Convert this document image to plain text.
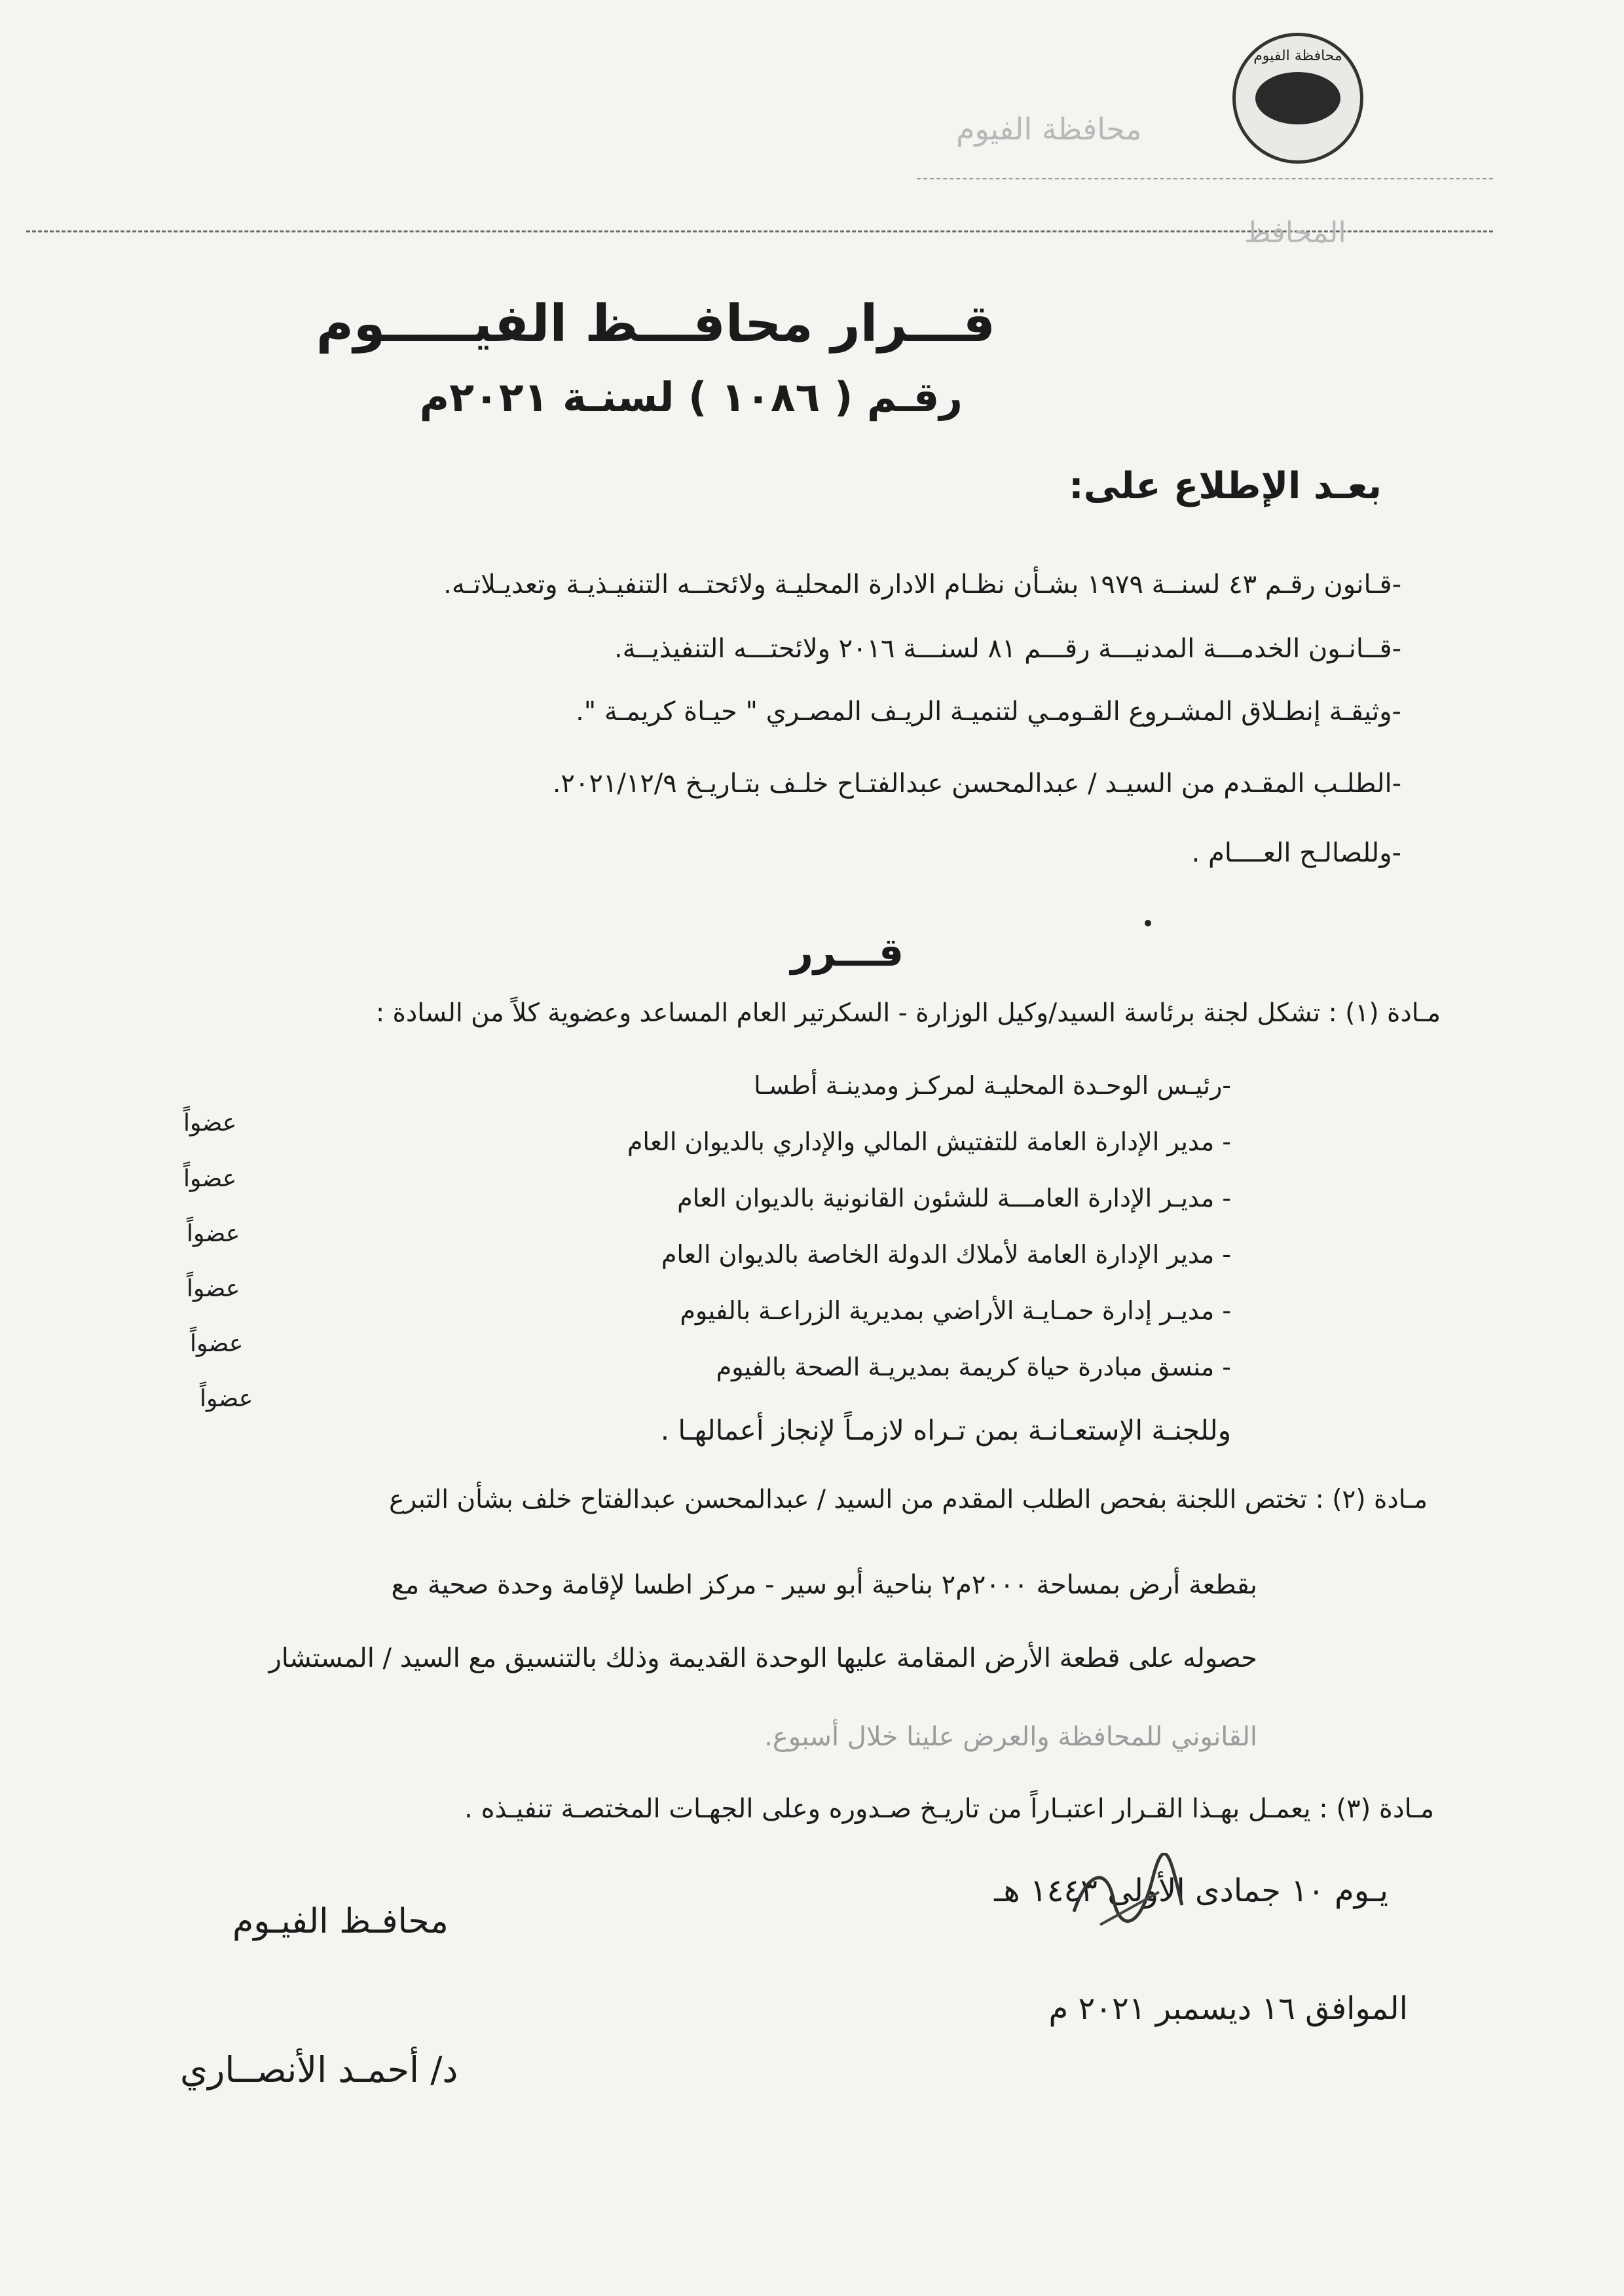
محافظة الفيوم
محافظة الفيوم
المحافظ
قـــرار محافـــظ الفيـــــوم
رقـم ( ١٠٨٦ ) لسنـة ٢٠٢١م
بعـد الإطلاع على:
-قـانون رقـم ٤٣ لسنــة ١٩٧٩ بشـأن نظـام الادارة المحليـة ولائحتــه التنفيـذيـة وتعديـلاتـه.
-قــانـون الخدمـــة المدنيـــة رقـــم ٨١ لسنـــة ٢٠١٦ ولائحتـــه التنفيذيــة.
-وثيقـة إنطـلاق المشـروع القـومـي لتنميـة الريـف المصـري " حيـاة كريمـة ".
-الطلـب المقـدم من السيـد / عبدالمحسن عبدالفتـاح خلـف بتـاريـخ ٢٠٢١/١٢/٩.
-وللصالـح العــــام .
قـــرر
مـادة (١) : تشكل لجنة برئاسة السيد/وكيل الوزارة - السكرتير العام المساعد وعضوية كلاً من السادة :
-رئيـس الوحـدة المحليـة لمركـز ومدينـة أطسـا
- مدير الإدارة العامة للتفتيش المالي والإداري بالديوان العام
- مديـر الإدارة العامـــة للشئون القانونية بالديوان العام
- مدير الإدارة العامة لأملاك الدولة الخاصة بالديوان العام
- مديـر إدارة حمـايـة الأراضي بمديرية الزراعـة بالفيوم
- منسق مبادرة حياة كريمة بمديريـة الصحة بالفيوم
عضواً
عضواً
عضواً
عضواً
عضواً
عضواً
وللجنـة الإستعـانـة بمن تـراه لازمـاً لإنجاز أعمالهـا .
مـادة (٢) : تختص اللجنة بفحص الطلب المقدم من السيد / عبدالمحسن عبدالفتاح خلف بشأن التبرع
بقطعة أرض بمساحة ٢٠٠٠م٢ بناحية أبو سير - مركز اطسا لإقامة وحدة صحية مع
حصوله على قطعة الأرض المقامة عليها الوحدة القديمة وذلك بالتنسيق مع السيد / المستشار
القانوني للمحافظة والعرض علينا خلال أسبوع.
مـادة (٣) : يعمـل بهـذا القـرار اعتبـاراً من تاريـخ صـدوره وعلى الجهـات المختصـة تنفيـذه .
يـوم ١٠ جمادى الأولى ١٤٤٣ هـ
محافـظ الفيـوم
الموافق ١٦ ديسمبر ٢٠٢١ م
د/ أحمـد الأنصــاري
